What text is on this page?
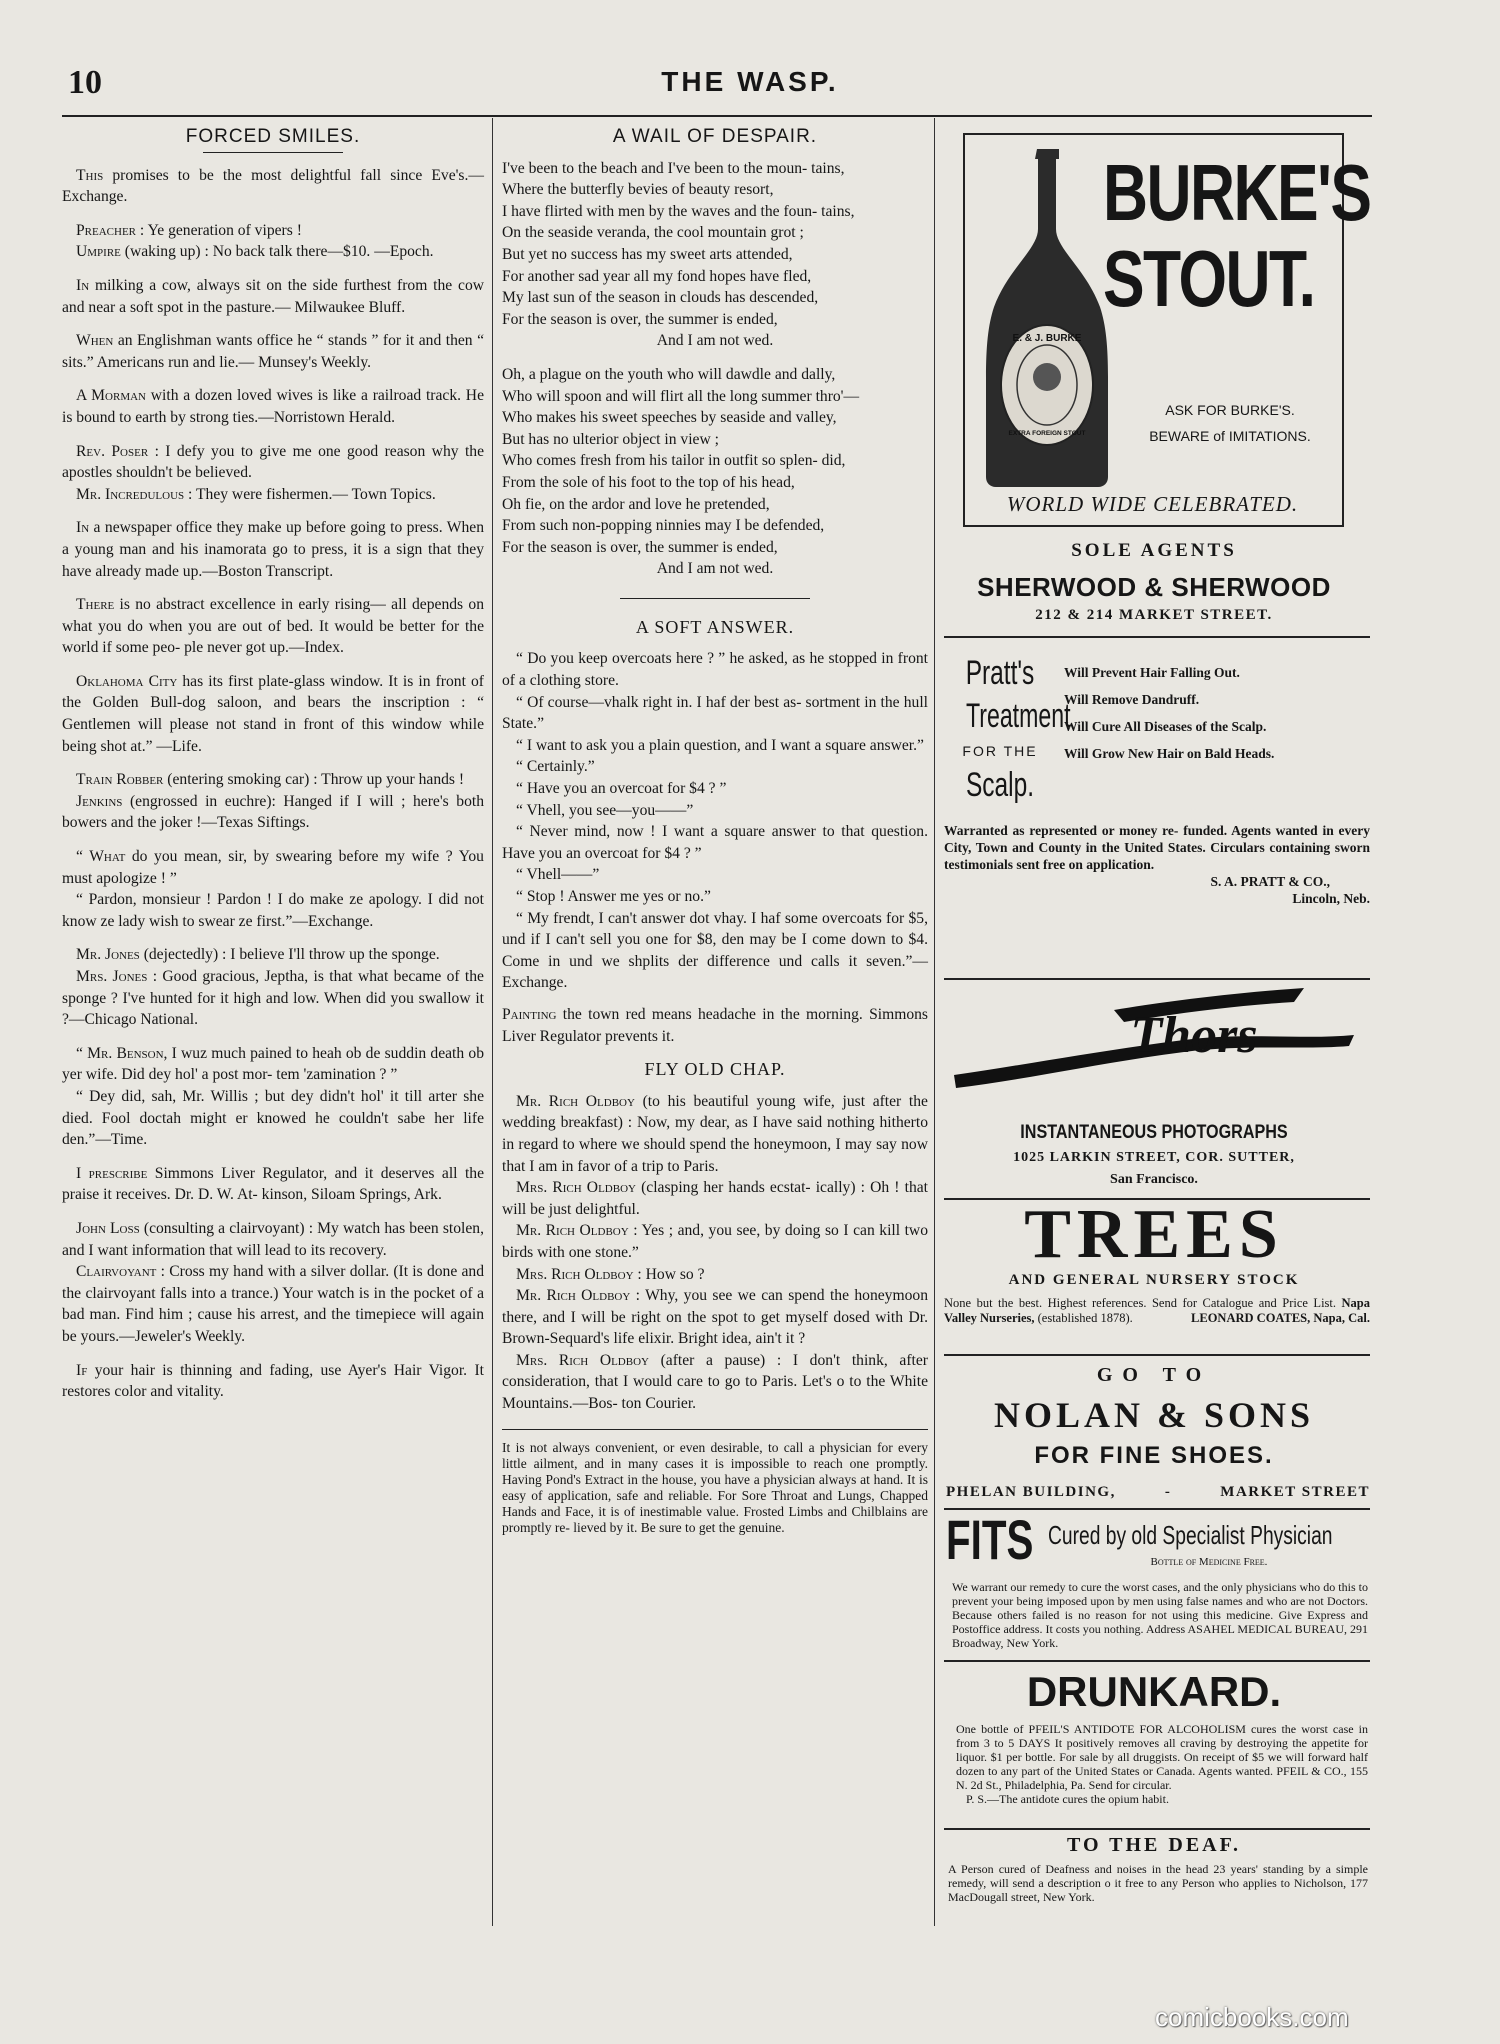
10	THE WASP.
FORCED SMILES.

This promises to be the most delightful fall since Eve's.—Exchange.

Preacher : Ye generation of vipers !

Umpire (waking up) : No back talk there—$10. —Epoch.

In milking a cow, always sit on the side furthest from the cow and near a soft spot in the pasture.— Milwaukee Bluff.

When an Englishman wants office he “ stands ” for it and then “ sits.” Americans run and lie.— Munsey's Weekly.

A Morman with a dozen loved wives is like a railroad track. He is bound to earth by strong ties.—Norristown Herald.

Rev. Poser : I defy you to give me one good reason why the apostles shouldn't be believed.

Mr. Incredulous : They were fishermen.— Town Topics.

In a newspaper office they make up before going to press. When a young man and his inamorata go to press, it is a sign that they have already made up.—Boston Transcript.

There is no abstract excellence in early rising— all depends on what you do when you are out of bed. It would be better for the world if some peo- ple never got up.—Index.

Oklahoma City has its first plate-glass window. It is in front of the Golden Bull-dog saloon, and bears the inscription : “ Gentlemen will please not stand in front of this window while being shot at.” —Life.

Train Robber (entering smoking car) : Throw up your hands !

Jenkins (engrossed in euchre): Hanged if I will ; here's both bowers and the joker !—Texas Siftings.

“ What do you mean, sir, by swearing before my wife ? You must apologize ! ”

“ Pardon, monsieur ! Pardon ! I do make ze apology. I did not know ze lady wish to swear ze first.”—Exchange.

Mr. Jones (dejectedly) : I believe I'll throw up the sponge.

Mrs. Jones : Good gracious, Jeptha, is that what became of the sponge ? I've hunted for it high and low. When did you swallow it ?—Chicago National.

“ Mr. Benson, I wuz much pained to heah ob de suddin death ob yer wife. Did dey hol' a post mor- tem 'zamination ? ”

“ Dey did, sah, Mr. Willis ; but dey didn't hol' it till arter she died. Fool doctah might er knowed he couldn't sabe her life den.”—Time.

I prescribe Simmons Liver Regulator, and it deserves all the praise it receives. Dr. D. W. At- kinson, Siloam Springs, Ark.

John Loss (consulting a clairvoyant) : My watch has been stolen, and I want information that will lead to its recovery.

Clairvoyant : Cross my hand with a silver dollar. (It is done and the clairvoyant falls into a trance.) Your watch is in the pocket of a bad man. Find him ; cause his arrest, and the timepiece will again be yours.—Jeweler's Weekly.

If your hair is thinning and fading, use Ayer's Hair Vigor. It restores color and vitality.

A WAIL OF DESPAIR.

I've been to the beach and I've been to the moun- tains,

Where the butterfly bevies of beauty resort,

I have flirted with men by the waves and the foun- tains,

On the seaside veranda, the cool mountain grot ;

But yet no success has my sweet arts attended,

For another sad year all my fond hopes have fled,

My last sun of the season in clouds has descended,

For the season is over, the summer is ended,

And I am not wed.

Oh, a plague on the youth who will dawdle and dally,

Who will spoon and will flirt all the long summer thro'—

Who makes his sweet speeches by seaside and valley,

But has no ulterior object in view ;

Who comes fresh from his tailor in outfit so splen- did,

From the sole of his foot to the top of his head,

Oh fie, on the ardor and love he pretended,

From such non-popping ninnies may I be defended,

For the season is over, the summer is ended,

And I am not wed.

A SOFT ANSWER.

“ Do you keep overcoats here ? ” he asked, as he stopped in front of a clothing store.

“ Of course—vhalk right in. I haf der best as- sortment in the hull State.”

“ I want to ask you a plain question, and I want a square answer.”

“ Certainly.”

“ Have you an overcoat for $4 ? ”

“ Vhell, you see—you——”

“ Never mind, now ! I want a square answer to that question. Have you an overcoat for $4 ? ”

“ Vhell——”

“ Stop ! Answer me yes or no.”

“ My frendt, I can't answer dot vhay. I haf some overcoats for $5, und if I can't sell you one for $8, den may be I come down to $4. Come in und we shplits der difference und calls it seven.”— Exchange.

Painting the town red means headache in the morning. Simmons Liver Regulator prevents it.

FLY OLD CHAP.

Mr. Rich Oldboy (to his beautiful young wife, just after the wedding breakfast) : Now, my dear, as I have said nothing hitherto in regard to where we should spend the honeymoon, I may say now that I am in favor of a trip to Paris.

Mrs. Rich Oldboy (clasping her hands ecstat- ically) : Oh ! that will be just delightful.

Mr. Rich Oldboy : Yes ; and, you see, by doing so I can kill two birds with one stone.”

Mrs. Rich Oldboy : How so ?

Mr. Rich Oldboy : Why, you see we can spend the honeymoon there, and I will be right on the spot to get myself dosed with Dr. Brown-Sequard's life elixir. Bright idea, ain't it ?

Mrs. Rich Oldboy (after a pause) : I don't think, after consideration, that I would care to go to Paris. Let's o to the White Mountains.—Bos- ton Courier.

It is not always convenient, or even desirable, to call a physician for every little ailment, and in many cases it is impossible to reach one promptly. Having Pond's Extract in the house, you have a physician always at hand. It is easy of application, safe and reliable. For Sore Throat and Lungs, Chapped Hands and Face, it is of inestimable value. Frosted Limbs and Chilblains are promptly re- lieved by it. Be sure to get the genuine.
E. & J. BURKE
EXTRA FOREIGN STOUT
BURKE'S
STOUT.
ASK FOR BURKE'S.
BEWARE of IMITATIONS.
WORLD WIDE CELEBRATED.
SOLE AGENTS
SHERWOOD & SHERWOOD
212 & 214 MARKET STREET.
Pratt's
Treatment
FOR THE
Scalp.

Will Prevent Hair Falling Out.

Will Remove Dandruff.

Will Cure All Diseases of the Scalp.

Will Grow New Hair on Bald Heads.

Warranted as represented or money re- funded. Agents wanted in every City, Town and County in the United States. Circulars containing sworn testimonials sent free on application.
S. A. PRATT & CO.,
Lincoln, Neb.
Thors
INSTANTANEOUS PHOTOGRAPHS
1025 LARKIN STREET, COR. SUTTER,
San Francisco.
TREES
AND GENERAL NURSERY STOCK
None but the best. Highest references. Send for Catalogue and Price List. Napa Valley Nurseries, (established 1878).	LEONARD COATES, Napa, Cal.
GO TO
NOLAN & SONS
FOR FINE SHOES.
PHELAN BUILDING,	-	MARKET STREET
FITS Cured by old Specialist Physician
Bottle of Medicine Free.
We warrant our remedy to cure the worst cases, and the only physicians who do this to prevent your being imposed upon by men using false names and who are not Doctors. Because others failed is no reason for not using this medicine. Give Express and Postoffice address. It costs you nothing. Address ASAHEL MEDICAL BUREAU, 291 Broadway, New York.
DRUNKARD.
One bottle of PFEIL'S ANTIDOTE FOR ALCOHOLISM cures the worst case in from 3 to 5 DAYS It positively removes all craving by destroying the appetite for liquor. $1 per bottle. For sale by all druggists. On receipt of $5 we will forward half dozen to any part of the United States or Canada. Agents wanted. PFEIL & CO., 155 N. 2d St., Philadelphia, Pa. Send for circular.
P. S.—The antidote cures the opium habit.
TO THE DEAF.
A Person cured of Deafness and noises in the head 23 years' standing by a simple remedy, will send a description o it free to any Person who applies to Nicholson, 177 MacDougall street, New York.
comicbooks.com
